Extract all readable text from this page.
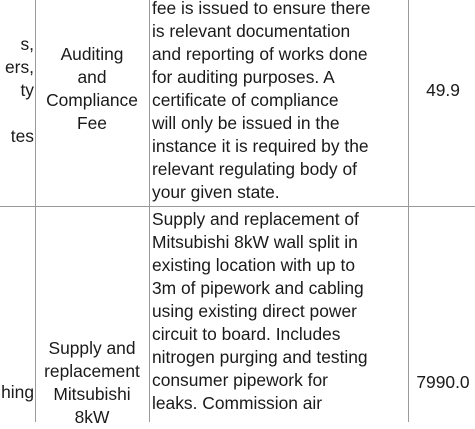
s,
ers,
ty

tes
Auditing
and
Compliance
Fee
fee is issued to ensure there
is relevant documentation
and reporting of works done
for auditing purposes. A
certificate of compliance
will only be issued in the
instance it is required by the
relevant regulating body of
your given state.
49.9
hing
Supply and
replacement
Mitsubishi
8kW
Supply and replacement of
Mitsubishi 8kW wall split in
existing location with up to
3m of pipework and cabling
using existing direct power
circuit to board. Includes
nitrogen purging and testing
consumer pipework for
leaks. Commission air
7990.0
